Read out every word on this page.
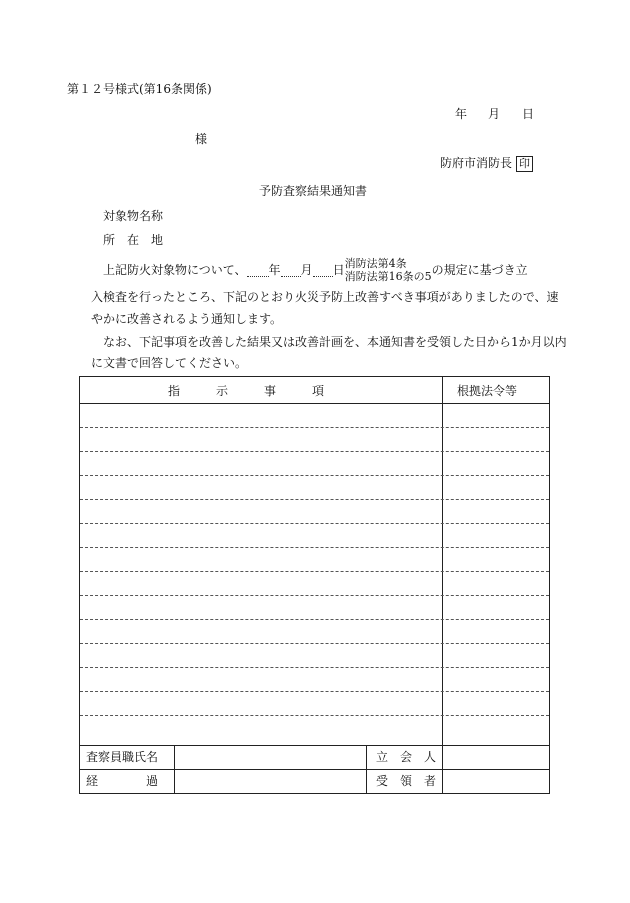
第１２号様式(第16条関係)
年 月 日
様
防府市消防長 印
予防査察結果通知書
対象物名称
所　在　地
上記防火対象物について、 年 月 日 消防法第4条
消防法第16条の5 の規定に基づき立
入検査を行ったところ、下記のとおり火災予防上改善すべき事項がありましたので、速
やかに改善されるよう通知します。
なお、下記事項を改善した結果又は改善計画を、本通知書を受領した日から1か月以内
に文書で回答してください。
指　　　示　　　事　　　項	根拠法令等
査察員職氏名	立　会　人
経　　　　過	受　領　者
